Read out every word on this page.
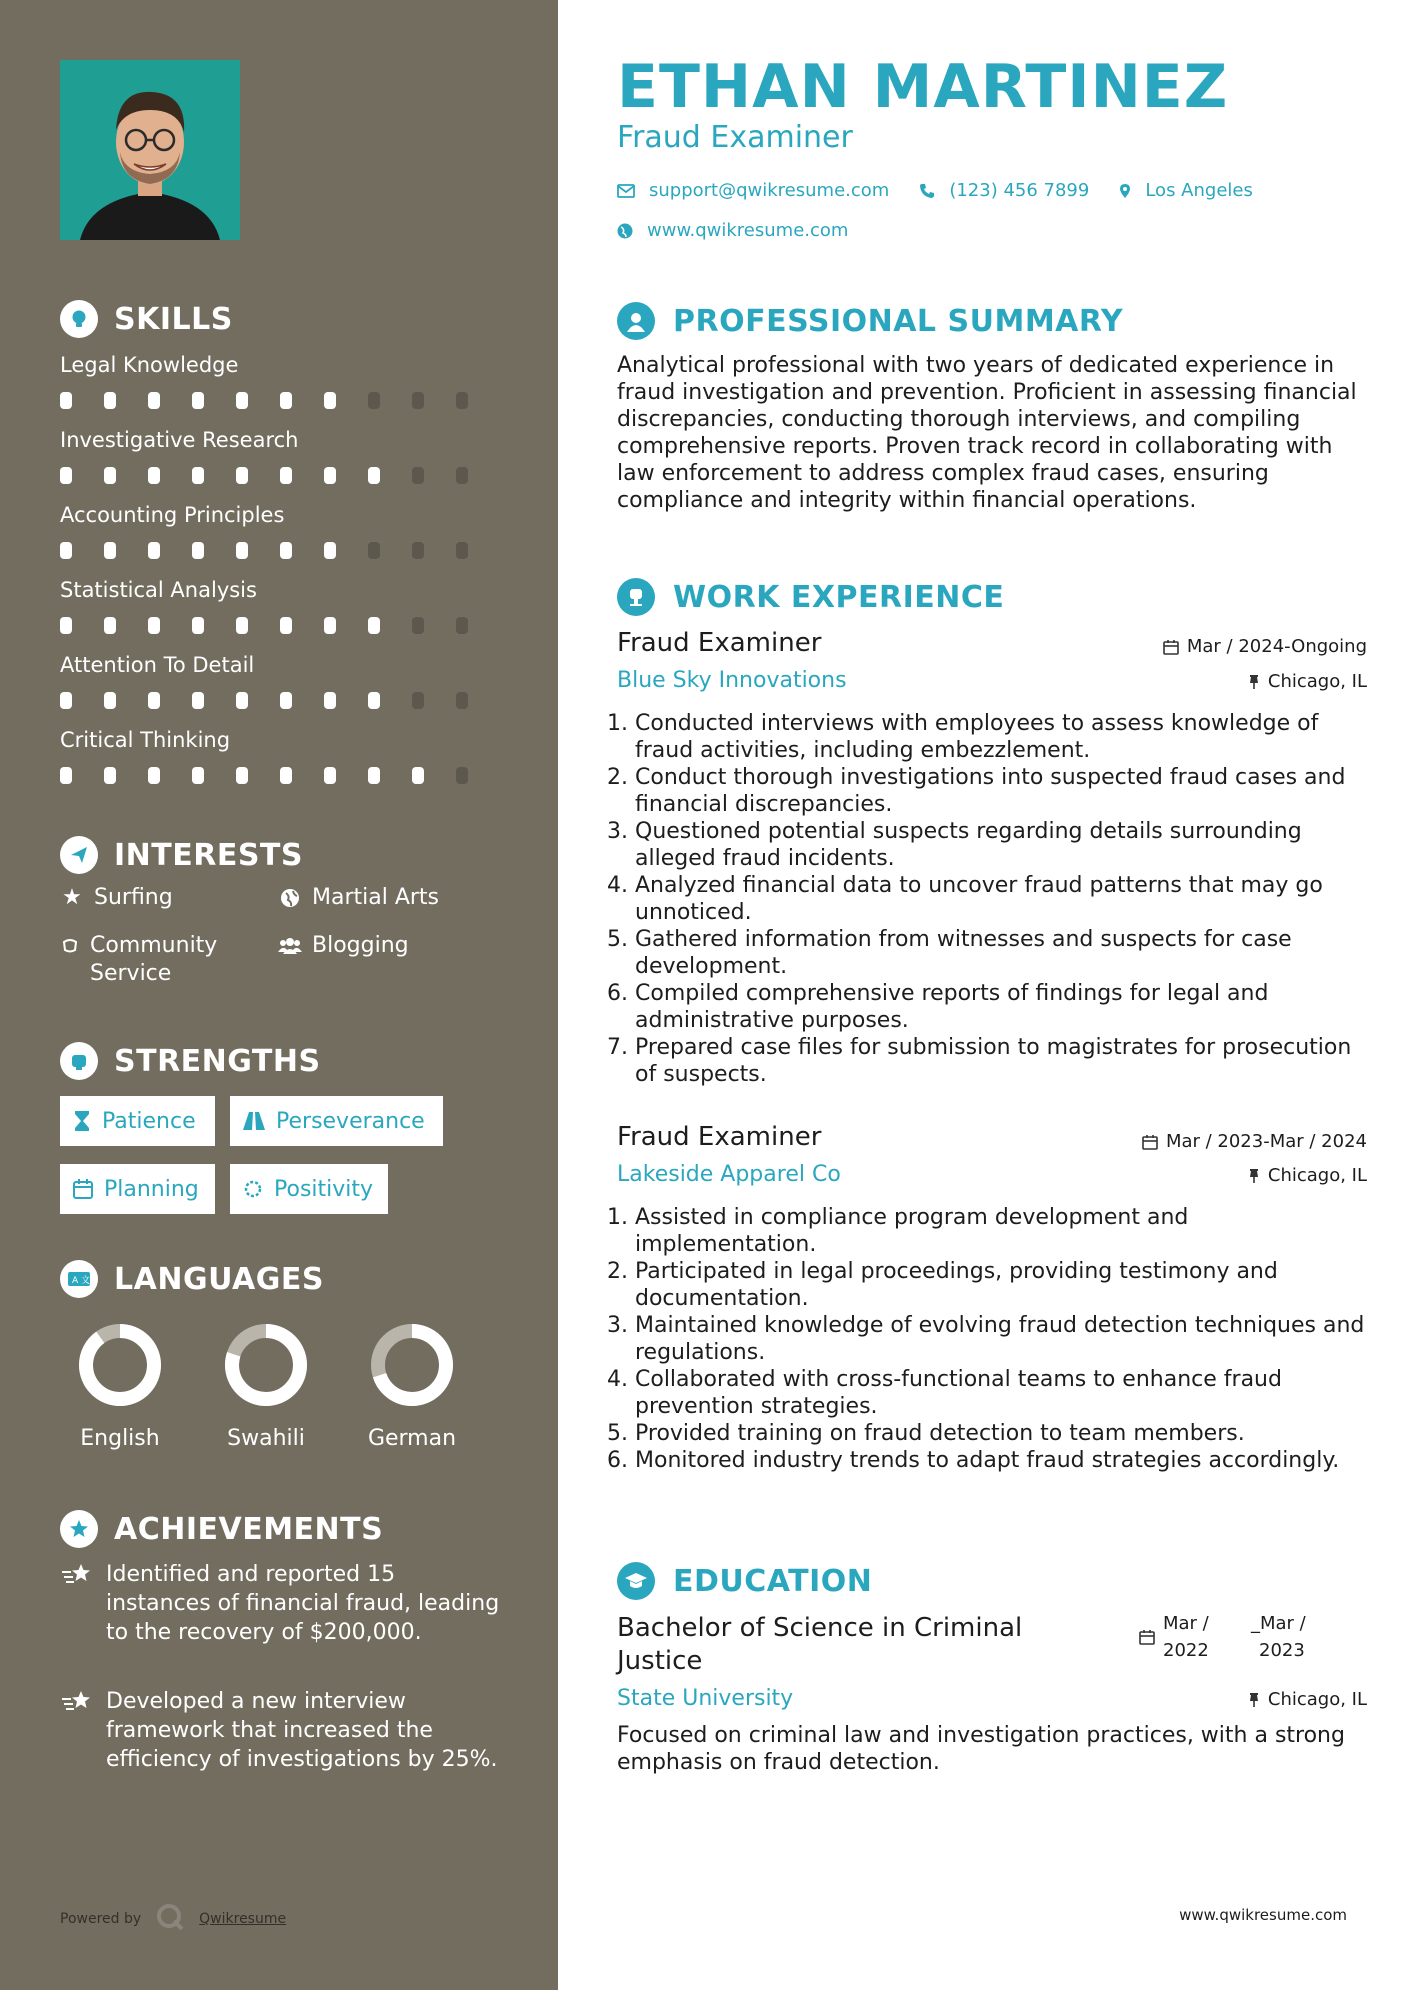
SKILLS
Legal Knowledge
Investigative Research
Accounting Principles
Statistical Analysis
Attention To Detail
Critical Thinking
INTERESTS
★ Surfing	Martial Arts
Community Service
Blogging
STRENGTHS
Patience	Perseverance
Planning	Positivity
A 文 LANGUAGES
English	Swahili	German
ACHIEVEMENTS
Identified and reported 15 instances of financial fraud, leading to the recovery of $200,000.
Developed a new interview framework that increased the efficiency of investigations by 25%.
Powered by	Qwikresume
ETHAN MARTINEZ
Fraud Examiner
support@qwikresume.com	(123) 456 7899	Los Angeles
www.qwikresume.com
PROFESSIONAL SUMMARY
Analytical professional with two years of dedicated experience in fraud investigation and prevention. Proficient in assessing financial discrepancies, conducting thorough interviews, and compiling comprehensive reports. Proven track record in collaborating with law enforcement to address complex fraud cases, ensuring compliance and integrity within financial operations.
WORK EXPERIENCE
Fraud Examiner	Mar / 2024-Ongoing
Blue Sky Innovations	Chicago, IL
1. Conducted interviews with employees to assess knowledge of fraud activities, including embezzlement.
2. Conduct thorough investigations into suspected fraud cases and financial discrepancies.
3. Questioned potential suspects regarding details surrounding alleged fraud incidents.
4. Analyzed financial data to uncover fraud patterns that may go unnoticed.
5. Gathered information from witnesses and suspects for case development.
6. Compiled comprehensive reports of findings for legal and administrative purposes.
7. Prepared case files for submission to magistrates for prosecution of suspects.
Fraud Examiner	Mar / 2023-Mar / 2024
Lakeside Apparel Co	Chicago, IL
1. Assisted in compliance program development and implementation.
2. Participated in legal proceedings, providing testimony and documentation.
3. Maintained knowledge of evolving fraud detection techniques and regulations.
4. Collaborated with cross-functional teams to enhance fraud prevention strategies.
5. Provided training on fraud detection to team members.
6. Monitored industry trends to adapt fraud strategies accordingly.
EDUCATION
Bachelor of Science in Criminal Justice
Mar /
2022
_Mar /
2023
State University	Chicago, IL
Focused on criminal law and investigation practices, with a strong emphasis on fraud detection.
www.qwikresume.com
